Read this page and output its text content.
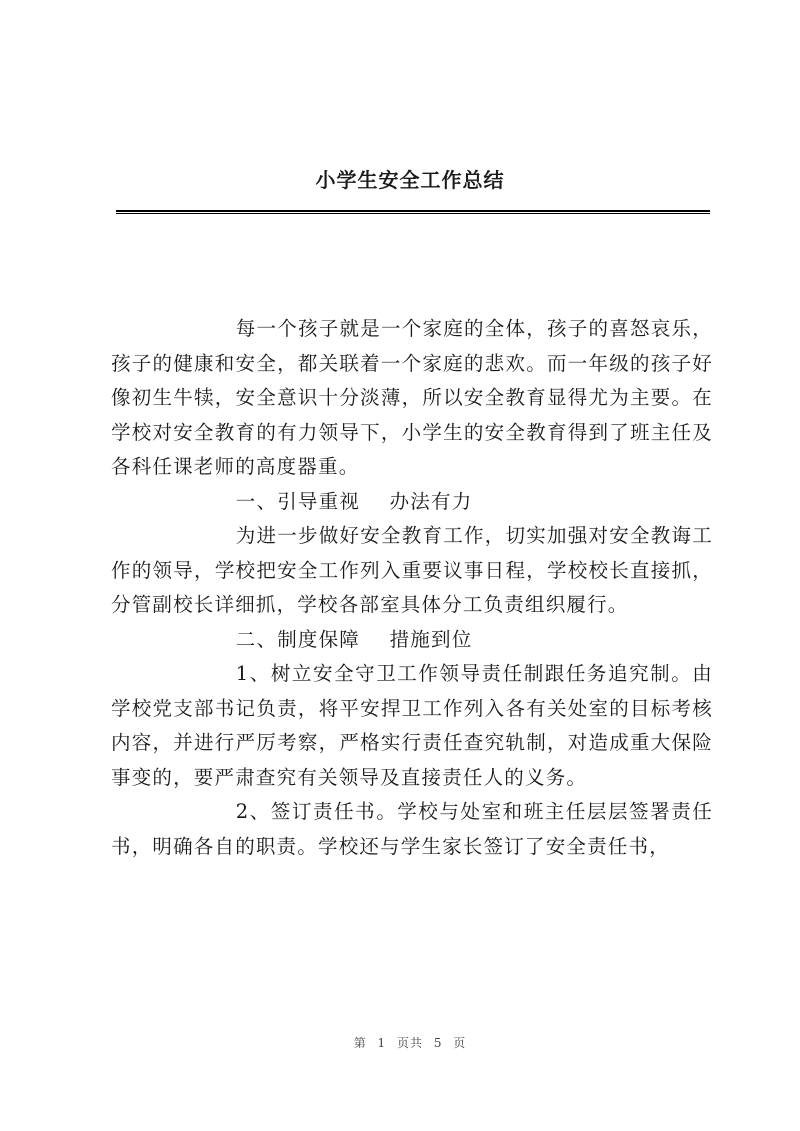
小学生安全工作总结

每一个孩子就是一个家庭的全体，孩子的喜怒哀乐，孩子的健康和安全，都关联着一个家庭的悲欢。而一年级的孩子好像初生牛犊，安全意识十分淡薄，所以安全教育显得尤为主要。在学校对安全教育的有力领导下，小学生的安全教育得到了班主任及各科任课老师的高度器重。

一、引导重视    办法有力

为进一步做好安全教育工作，切实加强对安全教诲工作的领导，学校把安全工作列入重要议事日程，学校校长直接抓，分管副校长详细抓，学校各部室具体分工负责组织履行。

二、制度保障    措施到位

1、树立安全守卫工作领导责任制跟任务追究制。由学校党支部书记负责，将平安捍卫工作列入各有关处室的目标考核内容，并进行严厉考察，严格实行责任查究轨制，对造成重大保险事变的，要严肃查究有关领导及直接责任人的义务。

2、签订责任书。学校与处室和班主任层层签署责任书，明确各自的职责。学校还与学生家长签订了安全责任书，

第 1 页共 5 页
